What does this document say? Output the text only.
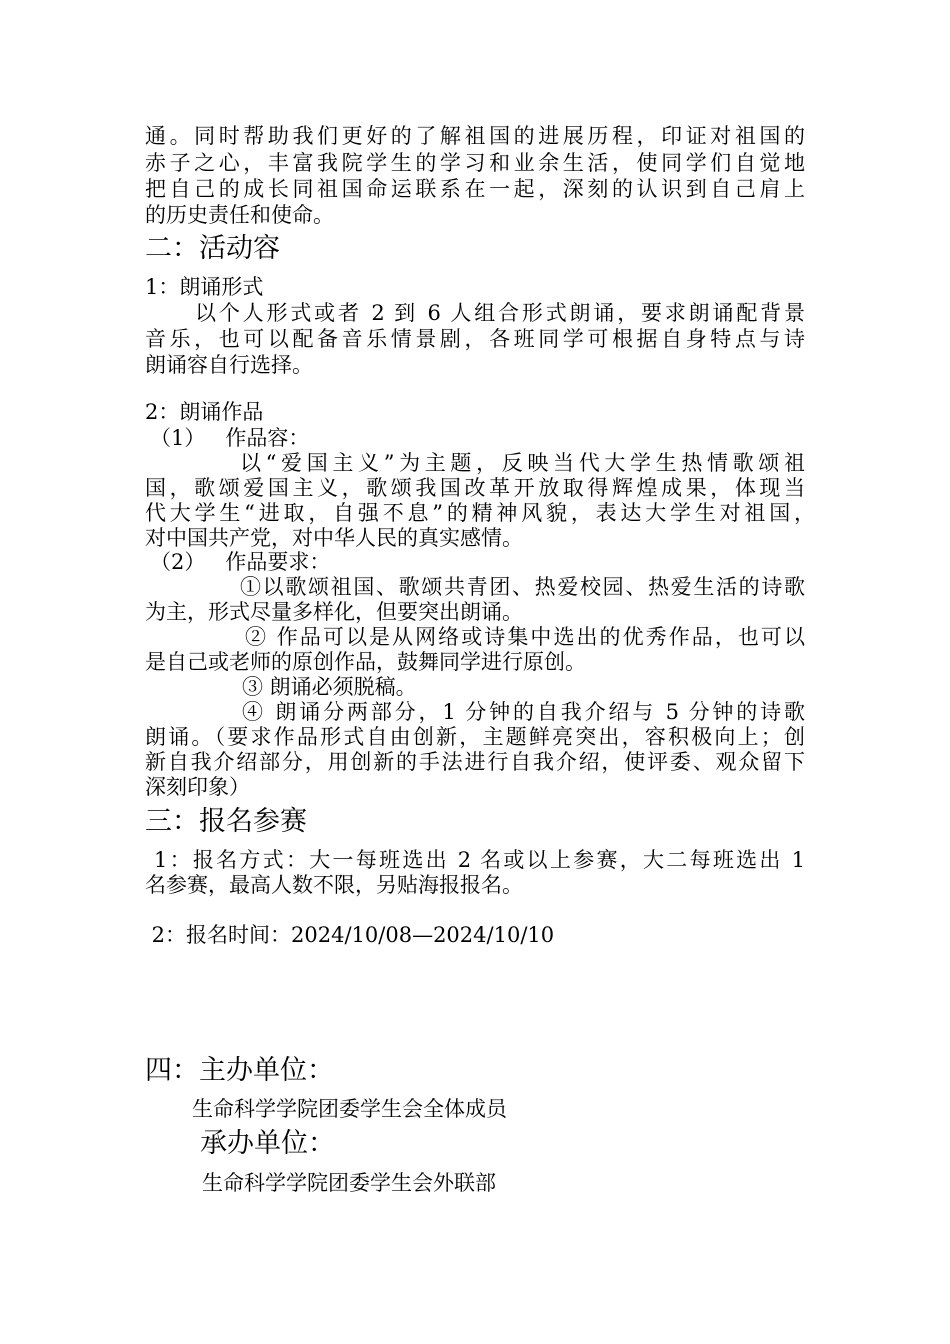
通。同时帮助我们更好的了解祖国的进展历程，印证对祖国的
赤子之心，丰富我院学生的学习和业余生活，使同学们自觉地
把自己的成长同祖国命运联系在一起，深刻的认识到自己肩上
的历史责任和使命。
二：活动容
1：朗诵形式
以个人形式或者 2 到 6 人组合形式朗诵，要求朗诵配背景
音乐，也可以配备音乐情景剧，各班同学可根据自身特点与诗
朗诵容自行选择。
2：朗诵作品
（1）   作品容：
以“爱国主义”为主题，反映当代大学生热情歌颂祖
国，歌颂爱国主义，歌颂我国改革开放取得辉煌成果，体现当
代大学生“进取，自强不息”的精神风貌，表达大学生对祖国，
对中国共产党，对中华人民的真实感情。
（2）   作品要求：
①以歌颂祖国、歌颂共青团、热爱校园、热爱生活的诗歌
为主，形式尽量多样化，但要突出朗诵。
② 作品可以是从网络或诗集中选出的优秀作品，也可以
是自己或老师的原创作品，鼓舞同学进行原创。
③ 朗诵必须脱稿。
④ 朗诵分两部分，1 分钟的自我介绍与 5 分钟的诗歌
朗诵。（要求作品形式自由创新，主题鲜亮突出，容积极向上；创
新自我介绍部分，用创新的手法进行自我介绍，使评委、观众留下
深刻印象）
三：报名参赛
1：报名方式：大一每班选出 2 名或以上参赛，大二每班选出 1
名参赛，最高人数不限，另贴海报报名。
2：报名时间：2024/10/08—2024/10/10
四：主办单位：
生命科学学院团委学生会全体成员
承办单位：
生命科学学院团委学生会外联部
